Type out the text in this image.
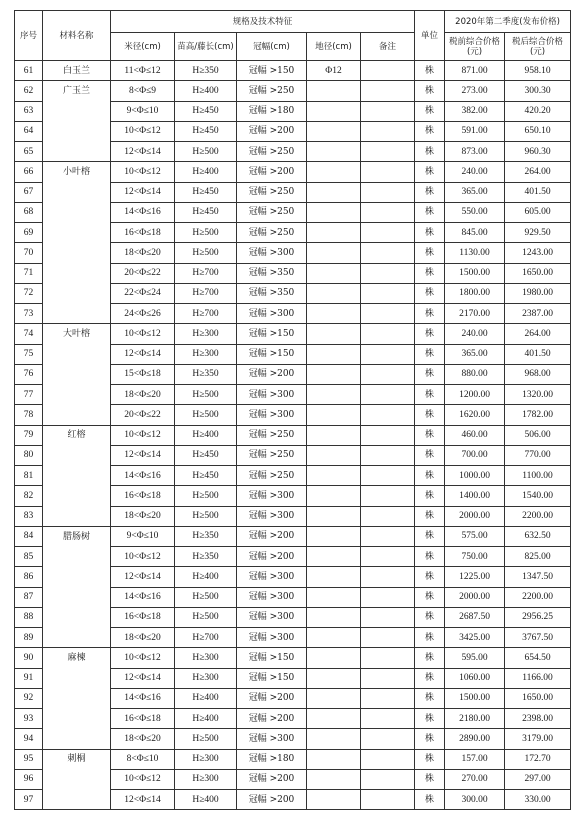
序号	材料名称	规格及技术特征					单位	2020年第二季度(发布价格)	
		米径(cm)	苗高/藤长(cm)	冠幅(cm)	地径(cm)	备注		税前综合价格(元)	税后综合价格(元)
61	白玉兰	11<Φ≤12	H≥350	冠幅 >150	Φ12		株	871.00	958.10
62	广玉兰	8<Φ≤9	H≥400	冠幅 >250			株	273.00	300.30
63		9<Φ≤10	H≥450	冠幅 >180			株	382.00	420.20
64		10<Φ≤12	H≥450	冠幅 >200			株	591.00	650.10
65		12<Φ≤14	H≥500	冠幅 >250			株	873.00	960.30
66	小叶榕	10<Φ≤12	H≥400	冠幅 >200			株	240.00	264.00
67		12<Φ≤14	H≥450	冠幅 >250			株	365.00	401.50
68		14<Φ≤16	H≥450	冠幅 >250			株	550.00	605.00
69		16<Φ≤18	H≥500	冠幅 >250			株	845.00	929.50
70		18<Φ≤20	H≥500	冠幅 >300			株	1130.00	1243.00
71		20<Φ≤22	H≥700	冠幅 >350			株	1500.00	1650.00
72		22<Φ≤24	H≥700	冠幅 >350			株	1800.00	1980.00
73		24<Φ≤26	H≥700	冠幅 >300			株	2170.00	2387.00
74	大叶榕	10<Φ≤12	H≥300	冠幅 >150			株	240.00	264.00
75		12<Φ≤14	H≥300	冠幅 >150			株	365.00	401.50
76		15<Φ≤18	H≥350	冠幅 >200			株	880.00	968.00
77		18<Φ≤20	H≥500	冠幅 >300			株	1200.00	1320.00
78		20<Φ≤22	H≥500	冠幅 >300			株	1620.00	1782.00
79	红榕	10<Φ≤12	H≥400	冠幅 >250			株	460.00	506.00
80		12<Φ≤14	H≥450	冠幅 >250			株	700.00	770.00
81		14<Φ≤16	H≥450	冠幅 >250			株	1000.00	1100.00
82		16<Φ≤18	H≥500	冠幅 >300			株	1400.00	1540.00
83		18<Φ≤20	H≥500	冠幅 >300			株	2000.00	2200.00
84	腊肠树	9<Φ≤10	H≥350	冠幅 >200			株	575.00	632.50
85		10<Φ≤12	H≥350	冠幅 >200			株	750.00	825.00
86		12<Φ≤14	H≥400	冠幅 >300			株	1225.00	1347.50
87		14<Φ≤16	H≥500	冠幅 >300			株	2000.00	2200.00
88		16<Φ≤18	H≥500	冠幅 >300			株	2687.50	2956.25
89		18<Φ≤20	H≥700	冠幅 >300			株	3425.00	3767.50
90	麻楝	10<Φ≤12	H≥300	冠幅 >150			株	595.00	654.50
91		12<Φ≤14	H≥300	冠幅 >150			株	1060.00	1166.00
92		14<Φ≤16	H≥400	冠幅 >200			株	1500.00	1650.00
93		16<Φ≤18	H≥400	冠幅 >200			株	2180.00	2398.00
94		18<Φ≤20	H≥500	冠幅 >300			株	2890.00	3179.00
95	刺桐	8<Φ≤10	H≥300	冠幅 >180			株	157.00	172.70
96		10<Φ≤12	H≥300	冠幅 >200			株	270.00	297.00
97		12<Φ≤14	H≥400	冠幅 >200			株	300.00	330.00
